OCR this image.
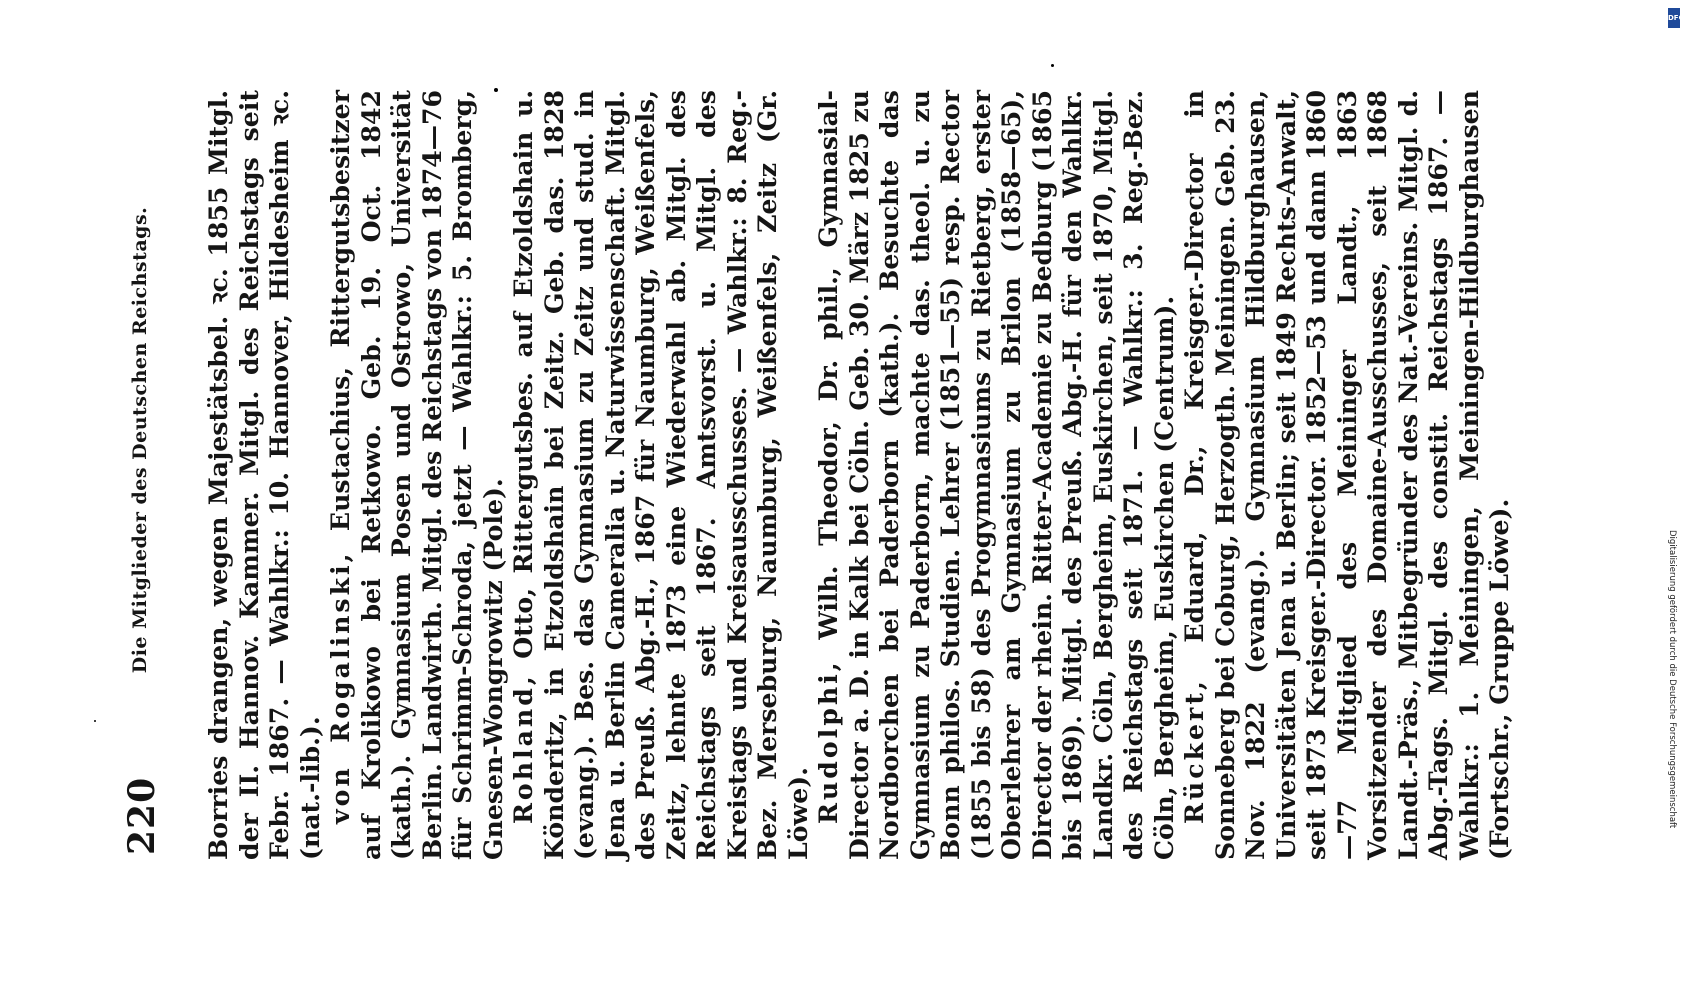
220
Die Mitglieder des Deutschen Reichstags. Borries drangen, wegen Majestätsbel. ꝛc. 1855 Mitgl. der II. Hannov. Kammer. Mitgl. des Reichstags seit Febr. 1867. — Wahlkr.: 10. Hannover, Hildesheim ꝛc. (nat.-lib.). von Rogalinski, Eustachius, Rittergutsbesitzer auf Krolikowo bei Retkowo. Geb. 19. Oct. 1842 (kath.). Gymnasium Posen und Ostrowo, Universität Berlin. Landwirth. Mitgl. des Reichstags von 1874—76 für Schrimm-Schroda, jetzt — Wahlkr.: 5. Bromberg, Gnesen-Wongrowitz (Pole). Rohland, Otto, Rittergutsbes. auf Etzoldshain u. Könderitz, in Etzoldshain bei Zeitz. Geb. das. 1828 (evang.). Bes. das Gymnasium zu Zeitz und stud. in Jena u. Berlin Cameralia u. Naturwissenschaft. Mitgl. des Preuß. Abg.-H., 1867 für Naumburg, Weißenfels, Zeitz, lehnte 1873 eine Wiederwahl ab. Mitgl. des Reichstags seit 1867. Amtsvorst. u. Mitgl. des Kreistags und Kreisausschusses. — Wahlkr.: 8. Reg.-Bez. Merseburg, Naumburg, Weißenfels, Zeitz (Gr. Löwe). Rudolphi, Wilh. Theodor, Dr. phil., Gymnasial-Director a. D. in Kalk bei Cöln. Geb. 30. März 1825 zu Nordborchen bei Paderborn (kath.). Besuchte das Gymnasium zu Paderborn, machte das. theol. u. zu Bonn philos. Studien. Lehrer (1851—55) resp. Rector (1855 bis 58) des Progymnasiums zu Rietberg, erster Oberlehrer am Gymnasium zu Brilon (1858—65), Director der rhein. Ritter-Academie zu Bedburg (1865 bis 1869). Mitgl. des Preuß. Abg.-H. für den Wahlkr. Landkr. Cöln, Bergheim, Euskirchen, seit 1870, Mitgl. des Reichstags seit 1871. — Wahlkr.: 3. Reg.-Bez. Cöln, Bergheim, Euskirchen (Centrum). Rückert, Eduard, Dr., Kreisger.-Director in Sonneberg bei Coburg, Herzogth. Meiningen. Geb. 23. Nov. 1822 (evang.). Gymnasium Hildburghausen, Universitäten Jena u. Berlin; seit 1849 Rechts-Anwalt, seit 1873 Kreisger.-Director. 1852—53 und dann 1860—77 Mitglied des Meininger Landt., 1863 Vorsitzender des Domaine-Ausschusses, seit 1868 Landt.-Präs., Mitbegründer des Nat.-Vereins. Mitgl. d. Abg.-Tags. Mitgl. des constit. Reichstags 1867. — Wahlkr.: 1. Meiningen, Meiningen-Hildburghausen (Fortschr., Gruppe Löwe).

DFG
Digitalisierung gefördert durch die Deutsche Forschungsgemeinschaft
